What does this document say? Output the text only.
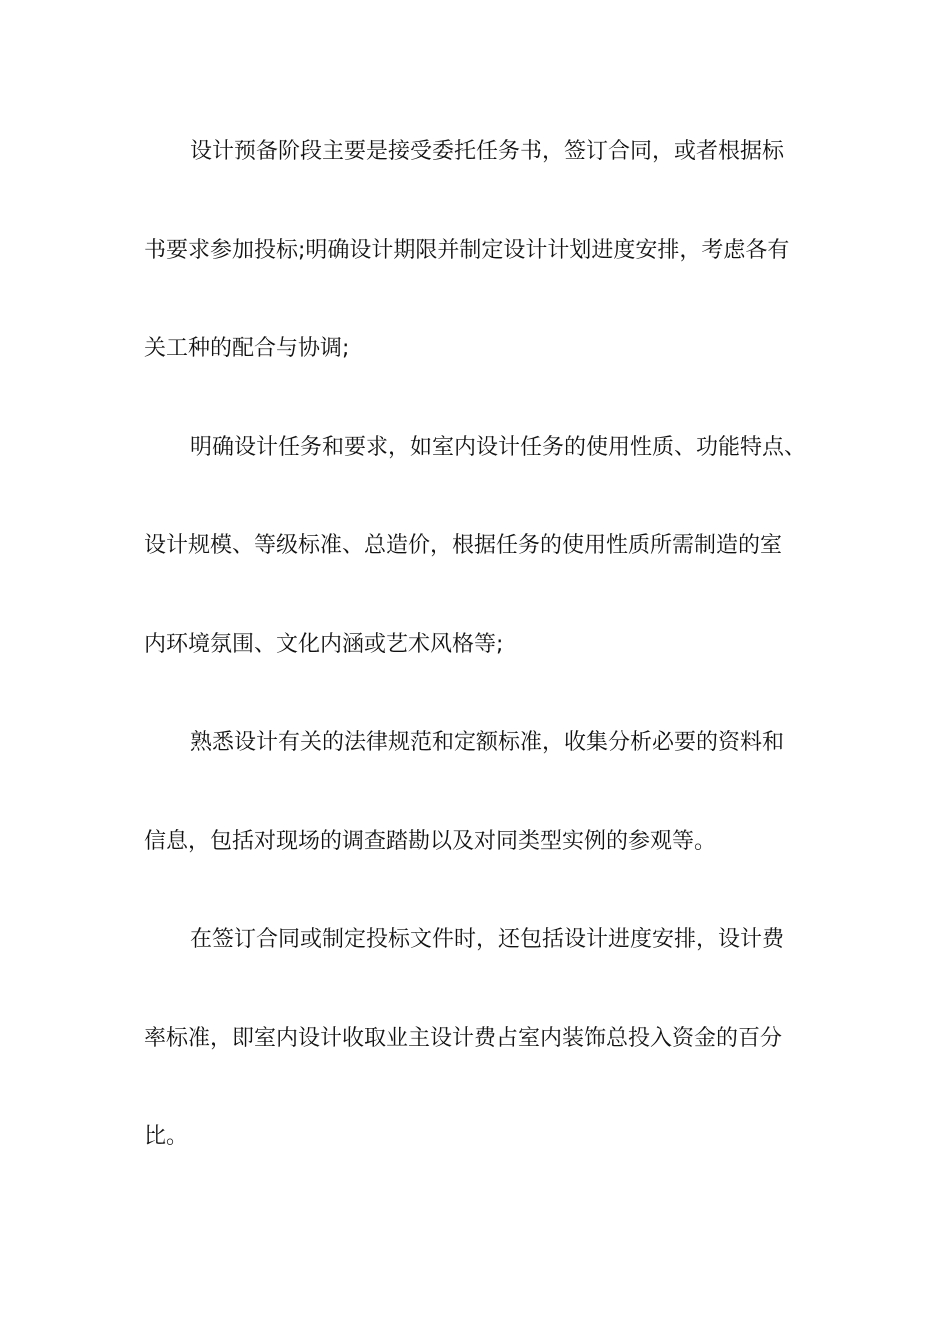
设计预备阶段主要是接受委托任务书，签订合同，或者根据标
书要求参加投标;明确设计期限并制定设计计划进度安排，考虑各有
关工种的配合与协调;
明确设计任务和要求，如室内设计任务的使用性质、功能特点、
设计规模、等级标准、总造价，根据任务的使用性质所需制造的室
内环境氛围、文化内涵或艺术风格等;
熟悉设计有关的法律规范和定额标准，收集分析必要的资料和
信息，包括对现场的调查踏勘以及对同类型实例的参观等。
在签订合同或制定投标文件时，还包括设计进度安排，设计费
率标准，即室内设计收取业主设计费占室内装饰总投入资金的百分
比。
